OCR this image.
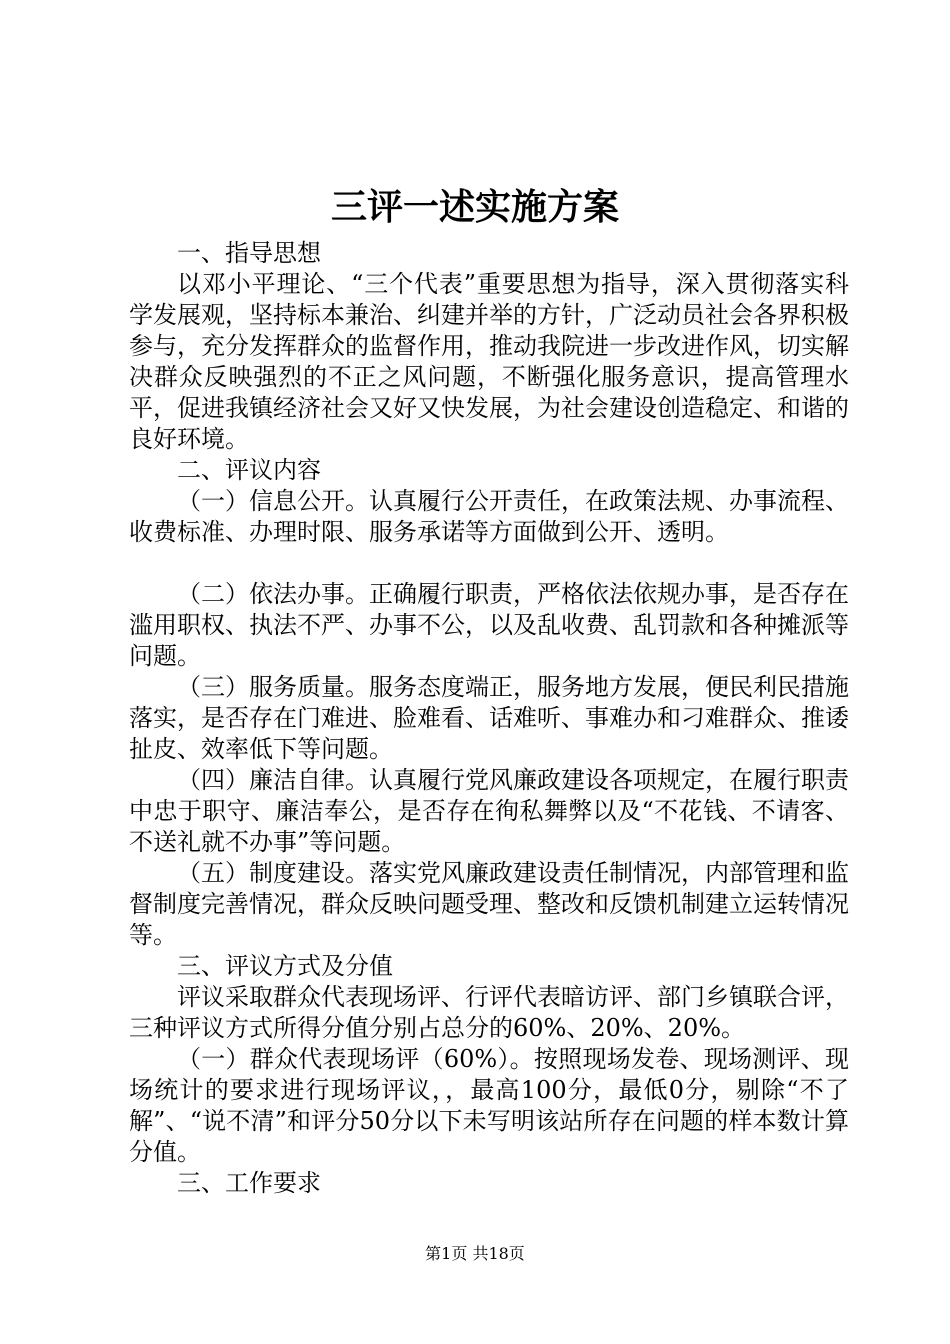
三评一述实施方案

一、指导思想

以邓小平理论、“三个代表”重要思想为指导，深入贯彻落实科学发展观，坚持标本兼治、纠建并举的方针，广泛动员社会各界积极参与，充分发挥群众的监督作用，推动我院进一步改进作风，切实解决群众反映强烈的不正之风问题，不断强化服务意识，提高管理水平，促进我镇经济社会又好又快发展，为社会建设创造稳定、和谐的良好环境。

二、评议内容

（一）信息公开。认真履行公开责任，在政策法规、办事流程、收费标准、办理时限、服务承诺等方面做到公开、透明。

（二）依法办事。正确履行职责，严格依法依规办事，是否存在滥用职权、执法不严、办事不公，以及乱收费、乱罚款和各种摊派等问题。

（三）服务质量。服务态度端正，服务地方发展，便民利民措施落实，是否存在门难进、脸难看、话难听、事难办和刁难群众、推诿扯皮、效率低下等问题。

（四）廉洁自律。认真履行党风廉政建设各项规定，在履行职责中忠于职守、廉洁奉公，是否存在徇私舞弊以及“不花钱、不请客、不送礼就不办事”等问题。

（五）制度建设。落实党风廉政建设责任制情况，内部管理和监督制度完善情况，群众反映问题受理、整改和反馈机制建立运转情况等。

三、评议方式及分值

评议采取群众代表现场评、行评代表暗访评、部门乡镇联合评，三种评议方式所得分值分别占总分的60%、20%、20%。

（一）群众代表现场评（60%）。按照现场发卷、现场测评、现场统计的要求进行现场评议，，最高100分，最低0分，剔除“不了解”、“说不清”和评分50分以下未写明该站所存在问题的样本数计算分值。

三、工作要求

第1页 共18页
